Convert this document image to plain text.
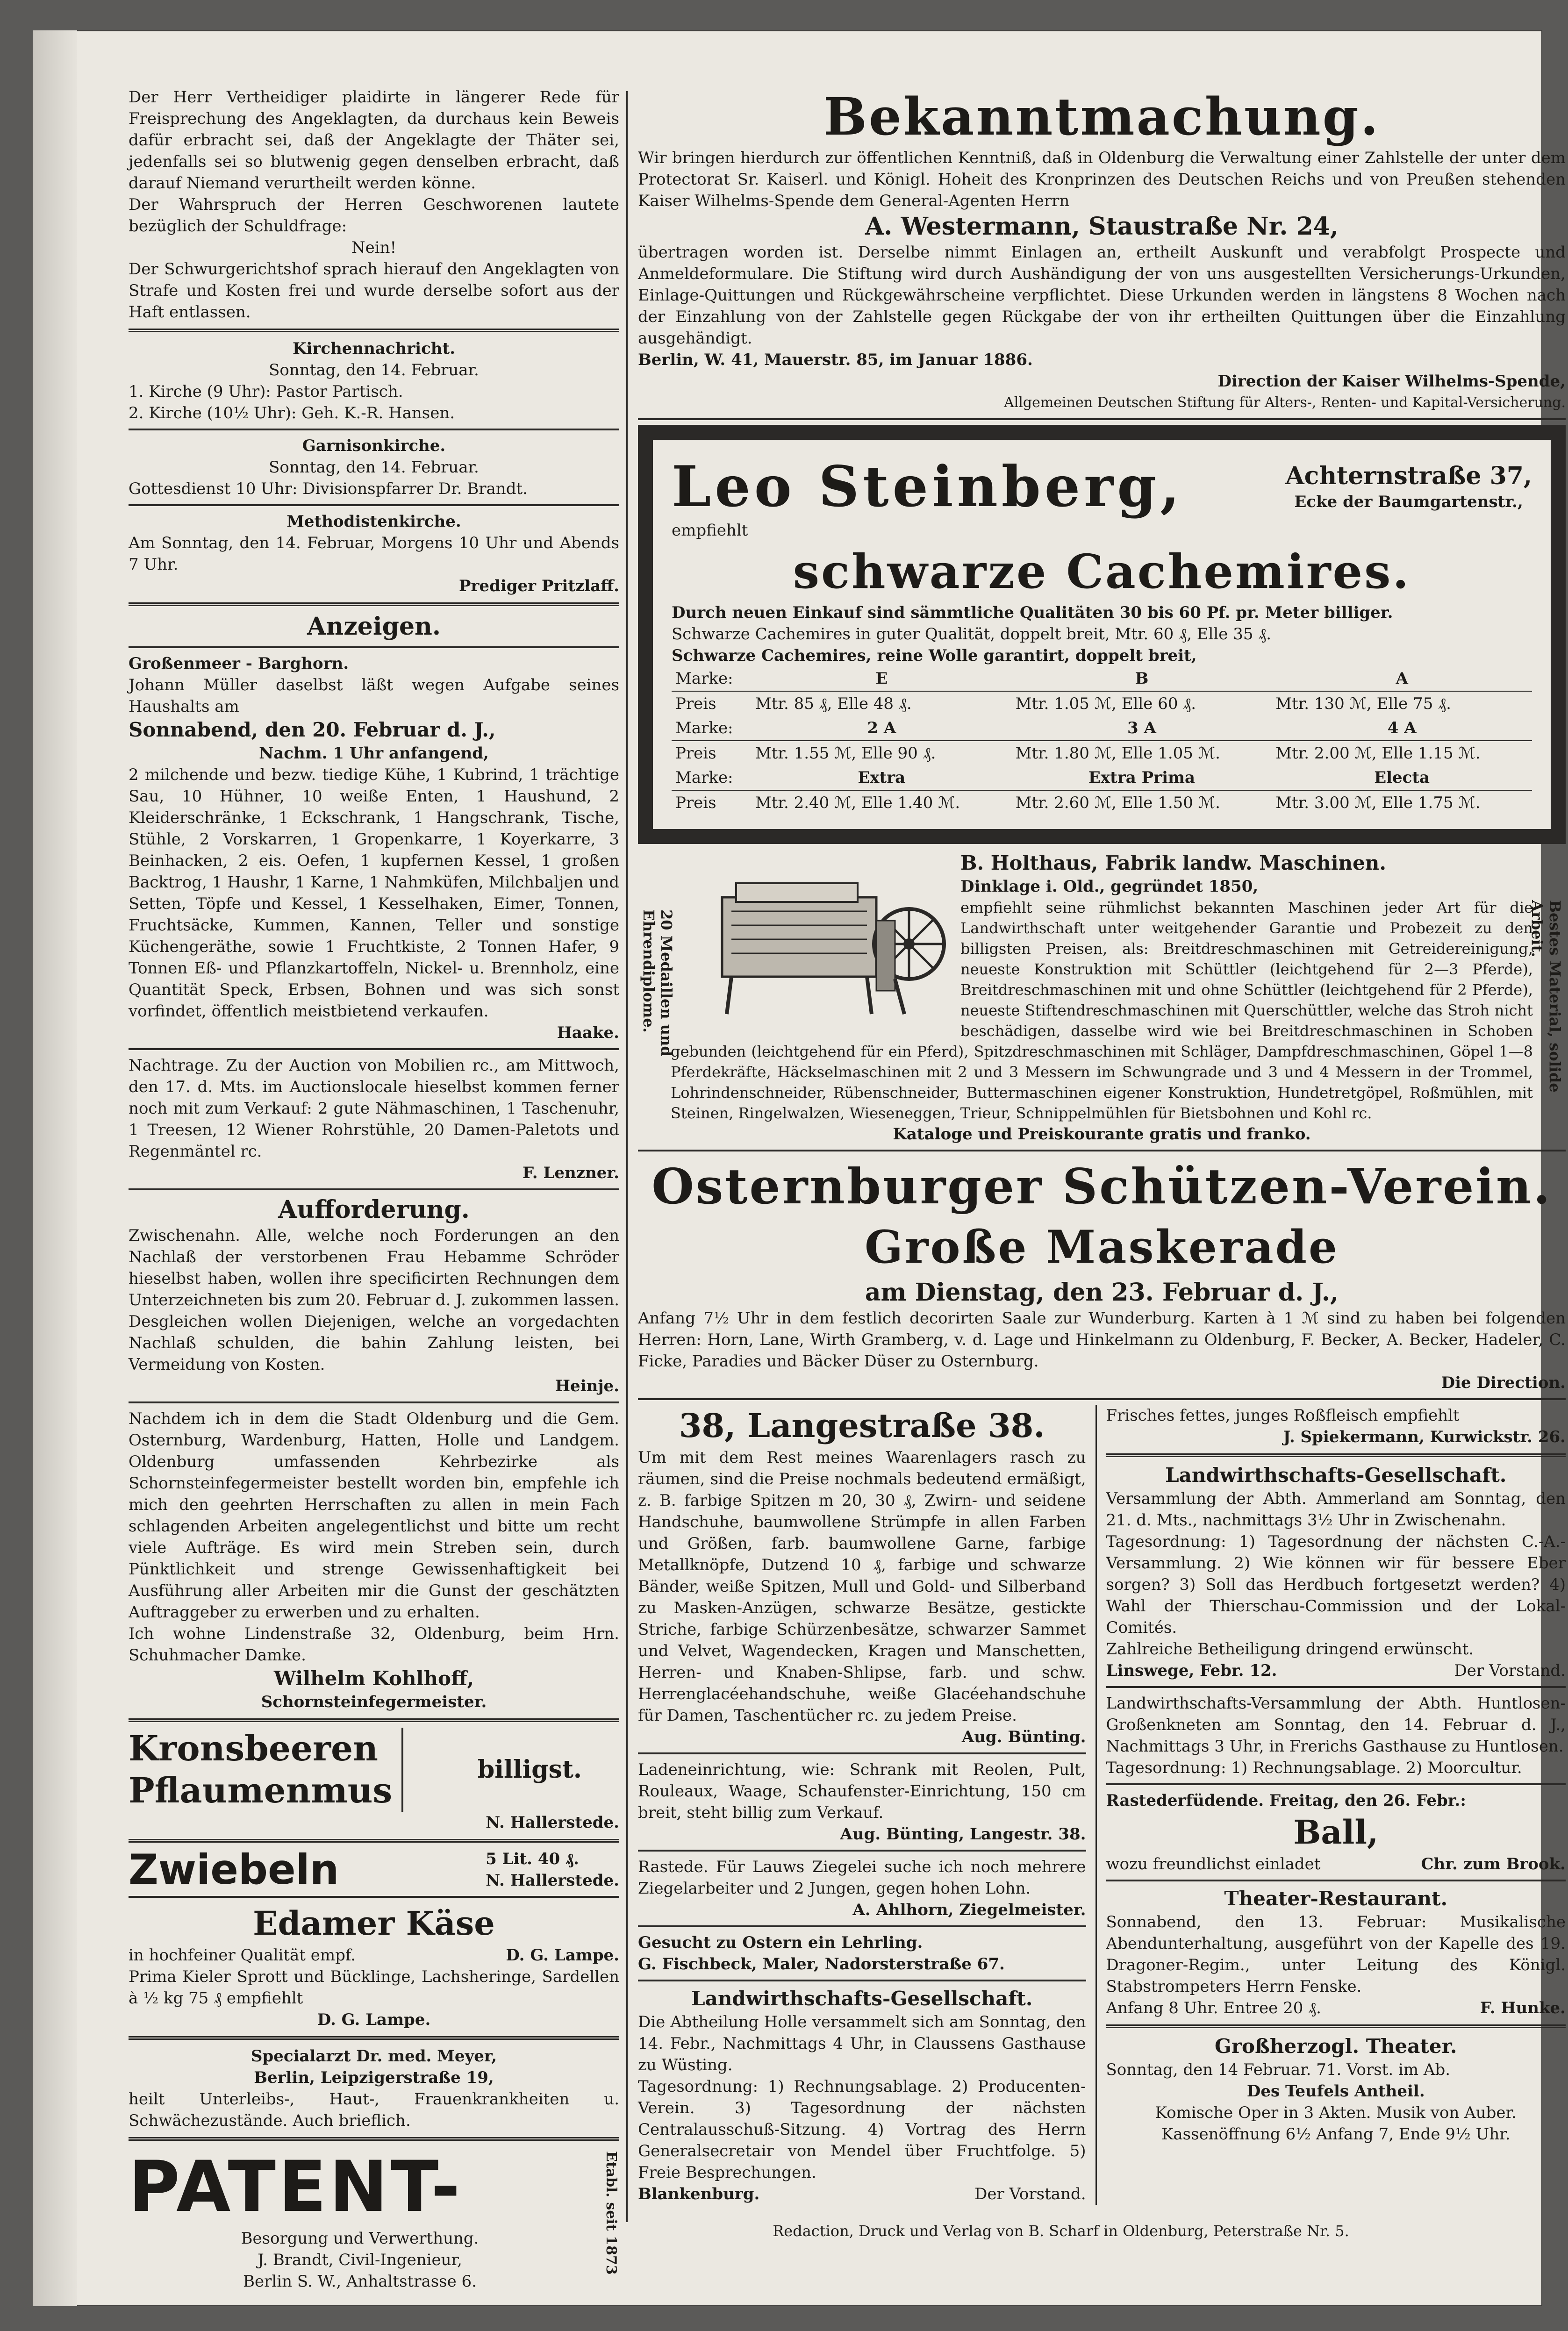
Der Herr Vertheidiger plaidirte in längerer Rede für Freisprechung des Angeklagten, da durchaus kein Beweis dafür erbracht sei, daß der Angeklagte der Thäter sei, jedenfalls sei so blutwenig gegen denselben erbracht, daß darauf Niemand verurtheilt werden könne.

Der Wahrspruch der Herren Geschworenen lautete bezüglich der Schuldfrage:

Nein!

Der Schwurgerichtshof sprach hierauf den Angeklagten von Strafe und Kosten frei und wurde derselbe sofort aus der Haft entlassen.

Kirchennachricht.

Sonntag, den 14. Februar.

1. Kirche (9 Uhr): Pastor Partisch.

2. Kirche (10½ Uhr): Geh. K.-R. Hansen.

Garnisonkirche.

Sonntag, den 14. Februar.

Gottesdienst 10 Uhr: Divisionspfarrer Dr. Brandt.

Methodistenkirche.

Am Sonntag, den 14. Februar, Morgens 10 Uhr und Abends 7 Uhr.

Prediger Pritzlaff.

Anzeigen.

Großenmeer - Barghorn.

Johann Müller daselbst läßt wegen Aufgabe seines Haushalts am

Sonnabend, den 20. Februar d. J.,

Nachm. 1 Uhr anfangend,

2 milchende und bezw. tiedige Kühe, 1 Kubrind, 1 trächtige Sau, 10 Hühner, 10 weiße Enten, 1 Haushund, 2 Kleiderschränke, 1 Eckschrank, 1 Hangschrank, Tische, Stühle, 2 Vorskarren, 1 Gropenkarre, 1 Koyerkarre, 3 Beinhacken, 2 eis. Oefen, 1 kupfernen Kessel, 1 großen Backtrog, 1 Haushr, 1 Karne, 1 Nahmküfen, Milchbaljen und Setten, Töpfe und Kessel, 1 Kesselhaken, Eimer, Tonnen, Fruchtsäcke, Kummen, Kannen, Teller und sonstige Küchengeräthe, sowie 1 Fruchtkiste, 2 Tonnen Hafer, 9 Tonnen Eß- und Pflanzkartoffeln, Nickel- u. Brennholz, eine Quantität Speck, Erbsen, Bohnen und was sich sonst vorfindet, öffentlich meistbietend verkaufen.

Haake.

Nachtrage. Zu der Auction von Mobilien rc., am Mittwoch, den 17. d. Mts. im Auctionslocale hieselbst kommen ferner noch mit zum Verkauf: 2 gute Nähmaschinen, 1 Taschenuhr, 1 Treesen, 12 Wiener Rohrstühle, 20 Damen-Paletots und Regenmäntel rc.

F. Lenzner.

Aufforderung.

Zwischenahn. Alle, welche noch Forderungen an den Nachlaß der verstorbenen Frau Hebamme Schröder hieselbst haben, wollen ihre specificirten Rechnungen dem Unterzeichneten bis zum 20. Februar d. J. zukommen lassen. Desgleichen wollen Diejenigen, welche an vorgedachten Nachlaß schulden, die bahin Zahlung leisten, bei Vermeidung von Kosten.

Heinje.

Nachdem ich in dem die Stadt Oldenburg und die Gem. Osternburg, Wardenburg, Hatten, Holle und Landgem. Oldenburg umfassenden Kehrbezirke als Schornsteinfegermeister bestellt worden bin, empfehle ich mich den geehrten Herrschaften zu allen in mein Fach schlagenden Arbeiten angelegentlichst und bitte um recht viele Aufträge. Es wird mein Streben sein, durch Pünktlichkeit und strenge Gewissenhaftigkeit bei Ausführung aller Arbeiten mir die Gunst der geschätzten Auftraggeber zu erwerben und zu erhalten.

Ich wohne Lindenstraße 32, Oldenburg, beim Hrn. Schuhmacher Damke.

Wilhelm Kohlhoff,

Schornsteinfegermeister.

Kronsbeeren

Pflaumenmus

billigst.

N. Hallerstede.

Zwiebeln	5 Lit. 40 ₰.

N. Hallerstede.

Edamer Käse

in hochfeiner Qualität empf.	D. G. Lampe.

Prima Kieler Sprott und Bücklinge, Lachsheringe, Sardellen à ½ kg 75 ₰ empfiehlt

D. G. Lampe.

Specialarzt Dr. med. Meyer,

Berlin, Leipzigerstraße 19,

heilt Unterleibs-, Haut-, Frauenkrankheiten u. Schwächezustände. Auch brieflich.

PATENT-

Besorgung und Verwerthung.

J. Brandt, Civil-Ingenieur,

Berlin S. W., Anhaltstrasse 6.

Etabl. seit 1873

Bekanntmachung.

Wir bringen hierdurch zur öffentlichen Kenntniß, daß in Oldenburg die Verwaltung einer Zahlstelle der unter dem Protectorat Sr. Kaiserl. und Königl. Hoheit des Kronprinzen des Deutschen Reichs und von Preußen stehenden Kaiser Wilhelms-Spende dem General-Agenten Herrn

A. Westermann, Staustraße Nr. 24,

übertragen worden ist. Derselbe nimmt Einlagen an, ertheilt Auskunft und verabfolgt Prospecte und Anmeldeformulare. Die Stiftung wird durch Aushändigung der von uns ausgestellten Versicherungs-Urkunden, Einlage-Quittungen und Rückgewährscheine verpflichtet. Diese Urkunden werden in längstens 8 Wochen nach der Einzahlung von der Zahlstelle gegen Rückgabe der von ihr ertheilten Quittungen über die Einzahlung ausgehändigt.

Berlin, W. 41, Mauerstr. 85, im Januar 1886.

Direction der Kaiser Wilhelms-Spende,

Allgemeinen Deutschen Stiftung für Alters-, Renten- und Kapital-Versicherung.

Leo Steinberg,	Achternstraße 37,

Ecke der Baumgartenstr.,

empfiehlt

schwarze Cachemires.

Durch neuen Einkauf sind sämmtliche Qualitäten 30 bis 60 Pf. pr. Meter billiger.

Schwarze Cachemires in guter Qualität, doppelt breit, Mtr. 60 ₰, Elle 35 ₰.

Schwarze Cachemires, reine Wolle garantirt, doppelt breit,

Marke:	E	B	A
Preis	Mtr. 85 ₰, Elle 48 ₰.	Mtr. 1.05 ℳ, Elle 60 ₰.	Mtr. 130 ℳ, Elle 75 ₰.
Marke:	2 A	3 A	4 A
Preis	Mtr. 1.55 ℳ, Elle 90 ₰.	Mtr. 1.80 ℳ, Elle 1.05 ℳ.	Mtr. 2.00 ℳ, Elle 1.15 ℳ.
Marke:	Extra	Extra Prima	Electa
Preis	Mtr. 2.40 ℳ, Elle 1.40 ℳ.	Mtr. 2.60 ℳ, Elle 1.50 ℳ.	Mtr. 3.00 ℳ, Elle 1.75 ℳ.

20 Medaillen und Ehrendiplome.	Bestes Material, solide Arbeit.

B. Holthaus, Fabrik landw. Maschinen.

Dinklage i. Old., gegründet 1850,

empfiehlt seine rühmlichst bekannten Maschinen jeder Art für die Landwirthschaft unter weitgehender Garantie und Probezeit zu den billigsten Preisen, als: Breitdreschmaschinen mit Getreidereinigung, neueste Konstruktion mit Schüttler (leichtgehend für 2—3 Pferde), Breitdreschmaschinen mit und ohne Schüttler (leichtgehend für 2 Pferde), neueste Stiftendreschmaschinen mit Querschüttler, welche das Stroh nicht beschädigen, dasselbe wird wie bei Breitdreschmaschinen in Schoben gebunden (leichtgehend für ein Pferd), Spitzdreschmaschinen mit Schläger, Dampfdreschmaschinen, Göpel 1—8 Pferdekräfte, Häckselmaschinen mit 2 und 3 Messern im Schwungrade und 3 und 4 Messern in der Trommel, Lohrindenschneider, Rübenschneider, Buttermaschinen eigener Konstruktion, Hundetretgöpel, Roßmühlen, mit Steinen, Ringelwalzen, Wieseneggen, Trieur, Schnippelmühlen für Bietsbohnen und Kohl rc.

Kataloge und Preiskourante gratis und franko.

Osternburger Schützen-Verein.

Große Maskerade

am Dienstag, den 23. Februar d. J.,

Anfang 7½ Uhr in dem festlich decorirten Saale zur Wunderburg. Karten à 1 ℳ sind zu haben bei folgenden Herren: Horn, Lane, Wirth Gramberg, v. d. Lage und Hinkelmann zu Oldenburg, F. Becker, A. Becker, Hadeler, C. Ficke, Paradies und Bäcker Düser zu Osternburg.

Die Direction.

38, Langestraße 38.

Um mit dem Rest meines Waarenlagers rasch zu räumen, sind die Preise nochmals bedeutend ermäßigt, z. B. farbige Spitzen m 20, 30 ₰, Zwirn- und seidene Handschuhe, baumwollene Strümpfe in allen Farben und Größen, farb. baumwollene Garne, farbige Metallknöpfe, Dutzend 10 ₰, farbige und schwarze Bänder, weiße Spitzen, Mull und Gold- und Silberband zu Masken-Anzügen, schwarze Besätze, gestickte Striche, farbige Schürzenbesätze, schwarzer Sammet und Velvet, Wagendecken, Kragen und Manschetten, Herren- und Knaben-Shlipse, farb. und schw. Herrenglacéehandschuhe, weiße Glacéehandschuhe für Damen, Taschentücher rc. zu jedem Preise.

Aug. Bünting.

Ladeneinrichtung, wie: Schrank mit Reolen, Pult, Rouleaux, Waage, Schaufenster-Einrichtung, 150 cm breit, steht billig zum Verkauf.

Aug. Bünting, Langestr. 38.

Rastede. Für Lauws Ziegelei suche ich noch mehrere Ziegelarbeiter und 2 Jungen, gegen hohen Lohn.

A. Ahlhorn, Ziegelmeister.

Gesucht zu Ostern ein Lehrling.

G. Fischbeck, Maler, Nadorsterstraße 67.

Landwirthschafts-Gesellschaft.

Die Abtheilung Holle versammelt sich am Sonntag, den 14. Febr., Nachmittags 4 Uhr, in Claussens Gasthause zu Wüsting.

Tagesordnung: 1) Rechnungsablage. 2) Producenten-Verein. 3) Tagesordnung der nächsten Centralausschuß-Sitzung. 4) Vortrag des Herrn Generalsecretair von Mendel über Fruchtfolge. 5) Freie Besprechungen.

Blankenburg.	Der Vorstand.

Frisches fettes, junges Roßfleisch empfiehlt

J. Spiekermann, Kurwickstr. 26.

Landwirthschafts-Gesellschaft.

Versammlung der Abth. Ammerland am Sonntag, den 21. d. Mts., nachmittags 3½ Uhr in Zwischenahn.

Tagesordnung: 1) Tagesordnung der nächsten C.-A.-Versammlung. 2) Wie können wir für bessere Eber sorgen? 3) Soll das Herdbuch fortgesetzt werden? 4) Wahl der Thierschau-Commission und der Lokal-Comités.

Zahlreiche Betheiligung dringend erwünscht.

Linswege, Febr. 12.	Der Vorstand.

Landwirthschafts-Versammlung der Abth. Huntlosen-Großenkneten am Sonntag, den 14. Februar d. J., Nachmittags 3 Uhr, in Frerichs Gasthause zu Huntlosen.

Tagesordnung: 1) Rechnungsablage. 2) Moorcultur.

Rastederfüdende. Freitag, den 26. Febr.:

Ball,

wozu freundlichst einladet	Chr. zum Brook.

Theater-Restaurant.

Sonnabend, den 13. Februar: Musikalische Abendunterhaltung, ausgeführt von der Kapelle des 19. Dragoner-Regim., unter Leitung des Königl. Stabstrompeters Herrn Fenske.

Anfang 8 Uhr. Entree 20 ₰.	F. Hunke.

Großherzogl. Theater.

Sonntag, den 14 Februar. 71. Vorst. im Ab.

Des Teufels Antheil.

Komische Oper in 3 Akten. Musik von Auber.

Kassenöffnung 6½ Anfang 7, Ende 9½ Uhr.

Redaction, Druck und Verlag von B. Scharf in Oldenburg, Peterstraße Nr. 5.
